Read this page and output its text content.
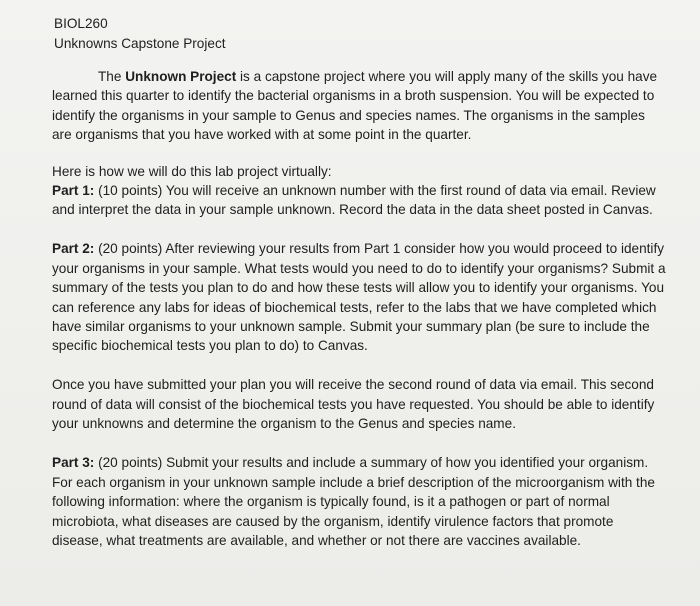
BIOL260
Unknowns Capstone Project

The Unknown Project is a capstone project where you will apply many of the skills you have learned this quarter to identify the bacterial organisms in a broth suspension. You will be expected to identify the organisms in your sample to Genus and species names. The organisms in the samples are organisms that you have worked with at some point in the quarter.

Here is how we will do this lab project virtually:

Part 1: (10 points) You will receive an unknown number with the first round of data via email. Review and interpret the data in your sample unknown. Record the data in the data sheet posted in Canvas.

Part 2: (20 points) After reviewing your results from Part 1 consider how you would proceed to identify your organisms in your sample. What tests would you need to do to identify your organisms? Submit a summary of the tests you plan to do and how these tests will allow you to identify your organisms. You can reference any labs for ideas of biochemical tests, refer to the labs that we have completed which have similar organisms to your unknown sample. Submit your summary plan (be sure to include the specific biochemical tests you plan to do) to Canvas.

Once you have submitted your plan you will receive the second round of data via email. This second round of data will consist of the biochemical tests you have requested. You should be able to identify your unknowns and determine the organism to the Genus and species name.

Part 3: (20 points) Submit your results and include a summary of how you identified your organism. For each organism in your unknown sample include a brief description of the microorganism with the following information: where the organism is typically found, is it a pathogen or part of normal microbiota, what diseases are caused by the organism, identify virulence factors that promote disease, what treatments are available, and whether or not there are vaccines available.
